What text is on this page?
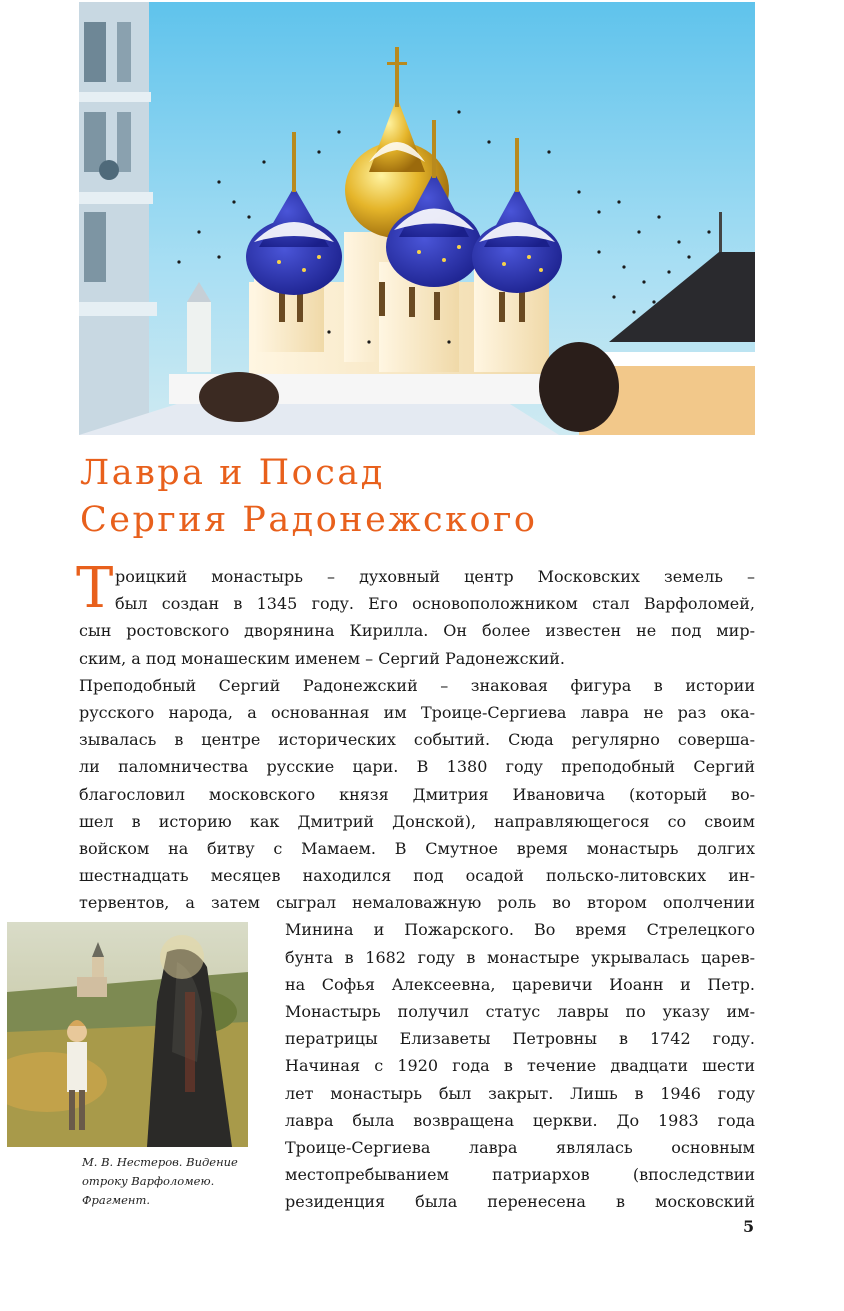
Лавра и Посад
Сергия Радонежского
Т роицкий монастырь – духовный центр Московских земель –
был создан в 1345 году. Его основоположником стал Варфоломей,
сын ростовского дворянина Кирилла. Он более известен не под мир-
ским, а под монашеским именем – Сергий Радонежский.
Преподобный Сергий Радонежский – знаковая фигура в истории
русского народа, а основанная им Троице-Сергиева лавра не раз ока-
зывалась в центре исторических событий. Сюда регулярно соверша-
ли паломничества русские цари. В 1380 году преподобный Сергий
благословил московского князя Дмитрия Ивановича (который во-
шел в историю как Дмитрий Донской), направляющегося со своим
войском на битву с Мамаем. В Смутное время монастырь долгих
шестнадцать месяцев находился под осадой польско-литовских ин-
тервентов, а затем сыграл немаловажную роль во втором ополчении
Минина и Пожарского. Во время Стрелецкого
бунта в 1682 году в монастыре укрывалась царев-
на Софья Алексеевна, царевичи Иоанн и Петр.
Монастырь получил статус лавры по указу им-
ператрицы Елизаветы Петровны в 1742 году.
Начиная с 1920 года в течение двадцати шести
лет монастырь был закрыт. Лишь в 1946 году
лавра была возвращена церкви. До 1983 года
Троице-Сергиева лавра являлась основным
местопребыванием патриархов (впоследствии
резиденция была перенесена в московский
М. В. Нестеров. Видение
отроку Варфоломею.
Фрагмент.
5
